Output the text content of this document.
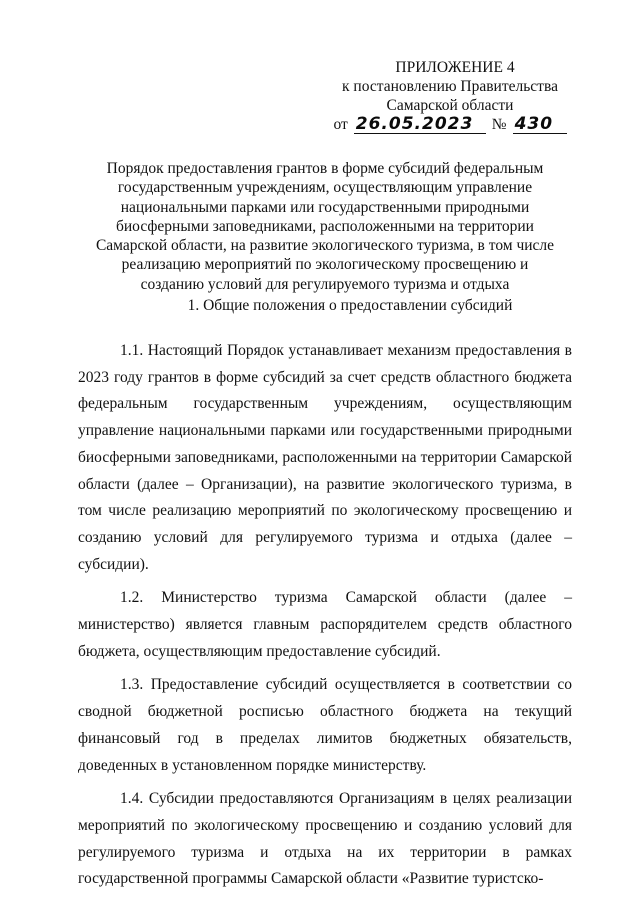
ПРИЛОЖЕНИЕ 4
к постановлению Правительства
Самарской области
от 26.05.2023	№ 430
Порядок предоставления грантов в форме субсидий федеральным государственным учреждениям, осуществляющим управление национальными парками или государственными природными биосферными заповедниками, расположенными на территории Самарской области, на развитие экологического туризма, в том числе реализацию мероприятий по экологическому просвещению и созданию условий для регулируемого туризма и отдыха
1. Общие положения о предоставлении субсидий

1.1. Настоящий Порядок устанавливает механизм предоставления в 2023 году грантов в форме субсидий за счет средств областного бюджета федеральным государственным учреждениям, осуществляющим управление национальными парками или государственными природными биосферными заповедниками, расположенными на территории Самарской области (далее – Организации), на развитие экологического туризма, в том числе реализацию мероприятий по экологическому просвещению и созданию условий для регулируемого туризма и отдыха (далее – субсидии).

1.2. Министерство туризма Самарской области (далее – министерство) является главным распорядителем средств областного бюджета, осуществляющим предоставление субсидий.

1.3. Предоставление субсидий осуществляется в соответствии со сводной бюджетной росписью областного бюджета на текущий финансовый год в пределах лимитов бюджетных обязательств, доведенных в установленном порядке министерству.

1.4. Субсидии предоставляются Организациям в целях реализации мероприятий по экологическому просвещению и созданию условий для регулируемого туризма и отдыха на их территории в рамках государственной программы Самарской области «Развитие туристско-
